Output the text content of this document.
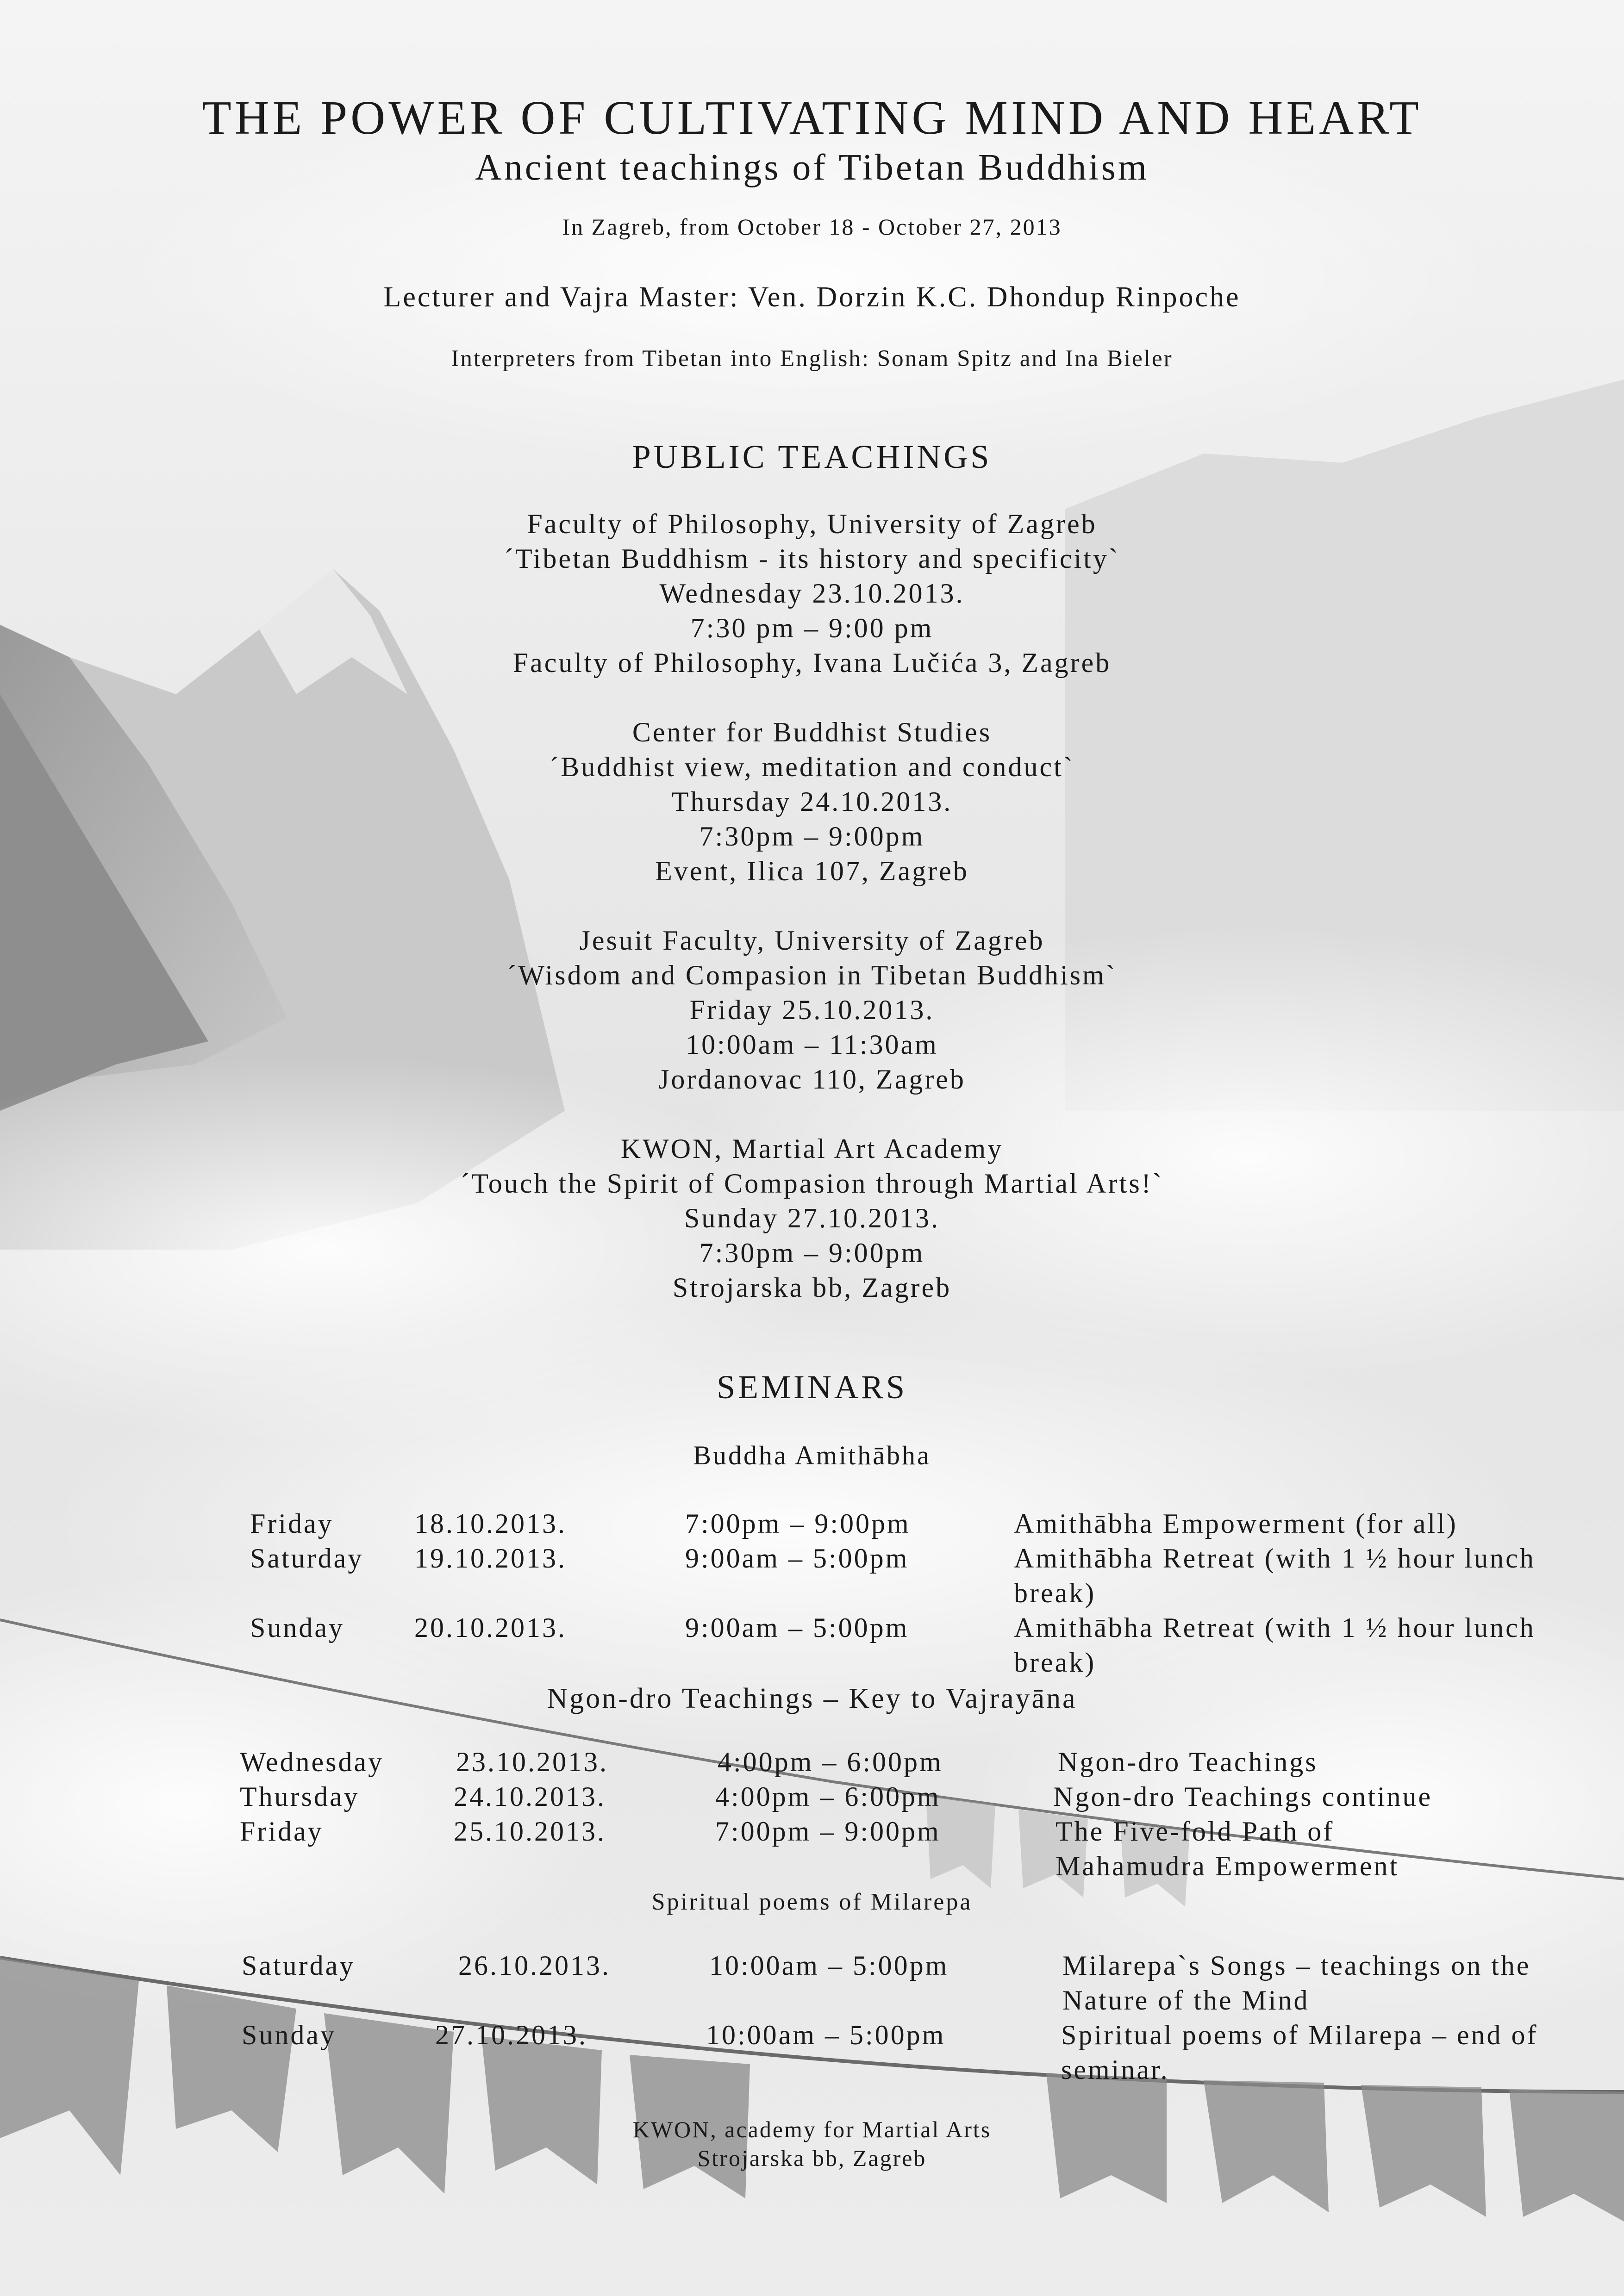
THE POWER OF CULTIVATING MIND AND HEART
Ancient teachings of Tibetan Buddhism
In Zagreb, from October 18 - October 27, 2013
Lecturer and Vajra Master: Ven. Dorzin K.C. Dhondup Rinpoche
Interpreters from Tibetan into English: Sonam Spitz and Ina Bieler
PUBLIC TEACHINGS
Faculty of Philosophy, University of Zagreb
´Tibetan Buddhism - its history and specificity`
Wednesday 23.10.2013.
7:30 pm – 9:00 pm
Faculty of Philosophy, Ivana Lučića 3, Zagreb
Center for Buddhist Studies
´Buddhist view, meditation and conduct`
Thursday 24.10.2013.
7:30pm – 9:00pm
Event, Ilica 107, Zagreb
Jesuit Faculty, University of Zagreb
´Wisdom and Compasion in Tibetan Buddhism`
Friday 25.10.2013.
10:00am – 11:30am
Jordanovac 110, Zagreb
KWON, Martial Art Academy
´Touch the Spirit of Compasion through Martial Arts!`
Sunday 27.10.2013.
7:30pm – 9:00pm
Strojarska bb, Zagreb
SEMINARS
Buddha Amithābha
Friday	18.10.2013.	7:00pm – 9:00pm	Amithābha Empowerment (for all)
Saturday 19.10.2013.	9:00am – 5:00pm	Amithābha Retreat (with 1 ½ hour lunch break)
Sunday	20.10.2013.	9:00am – 5:00pm	Amithābha Retreat (with 1 ½ hour lunch break)
Ngon-dro Teachings – Key to Vajrayāna
Wednesday	23.10.2013.	4:00pm – 6:00pm	Ngon-dro Teachings
Thursday	24.10.2013.	4:00pm – 6:00pm	Ngon-dro Teachings continue
Friday	25.10.2013.	7:00pm – 9:00pm	The Five-fold Path of Mahamudra Empowerment
Spiritual poems of Milarepa
Saturday	26.10.2013.	10:00am – 5:00pm	Milarepa`s Songs – teachings on the Nature of the Mind
Sunday	27.10.2013.	10:00am – 5:00pm	Spiritual poems of Milarepa – end of seminar.
KWON, academy for Martial Arts
Strojarska bb, Zagreb
